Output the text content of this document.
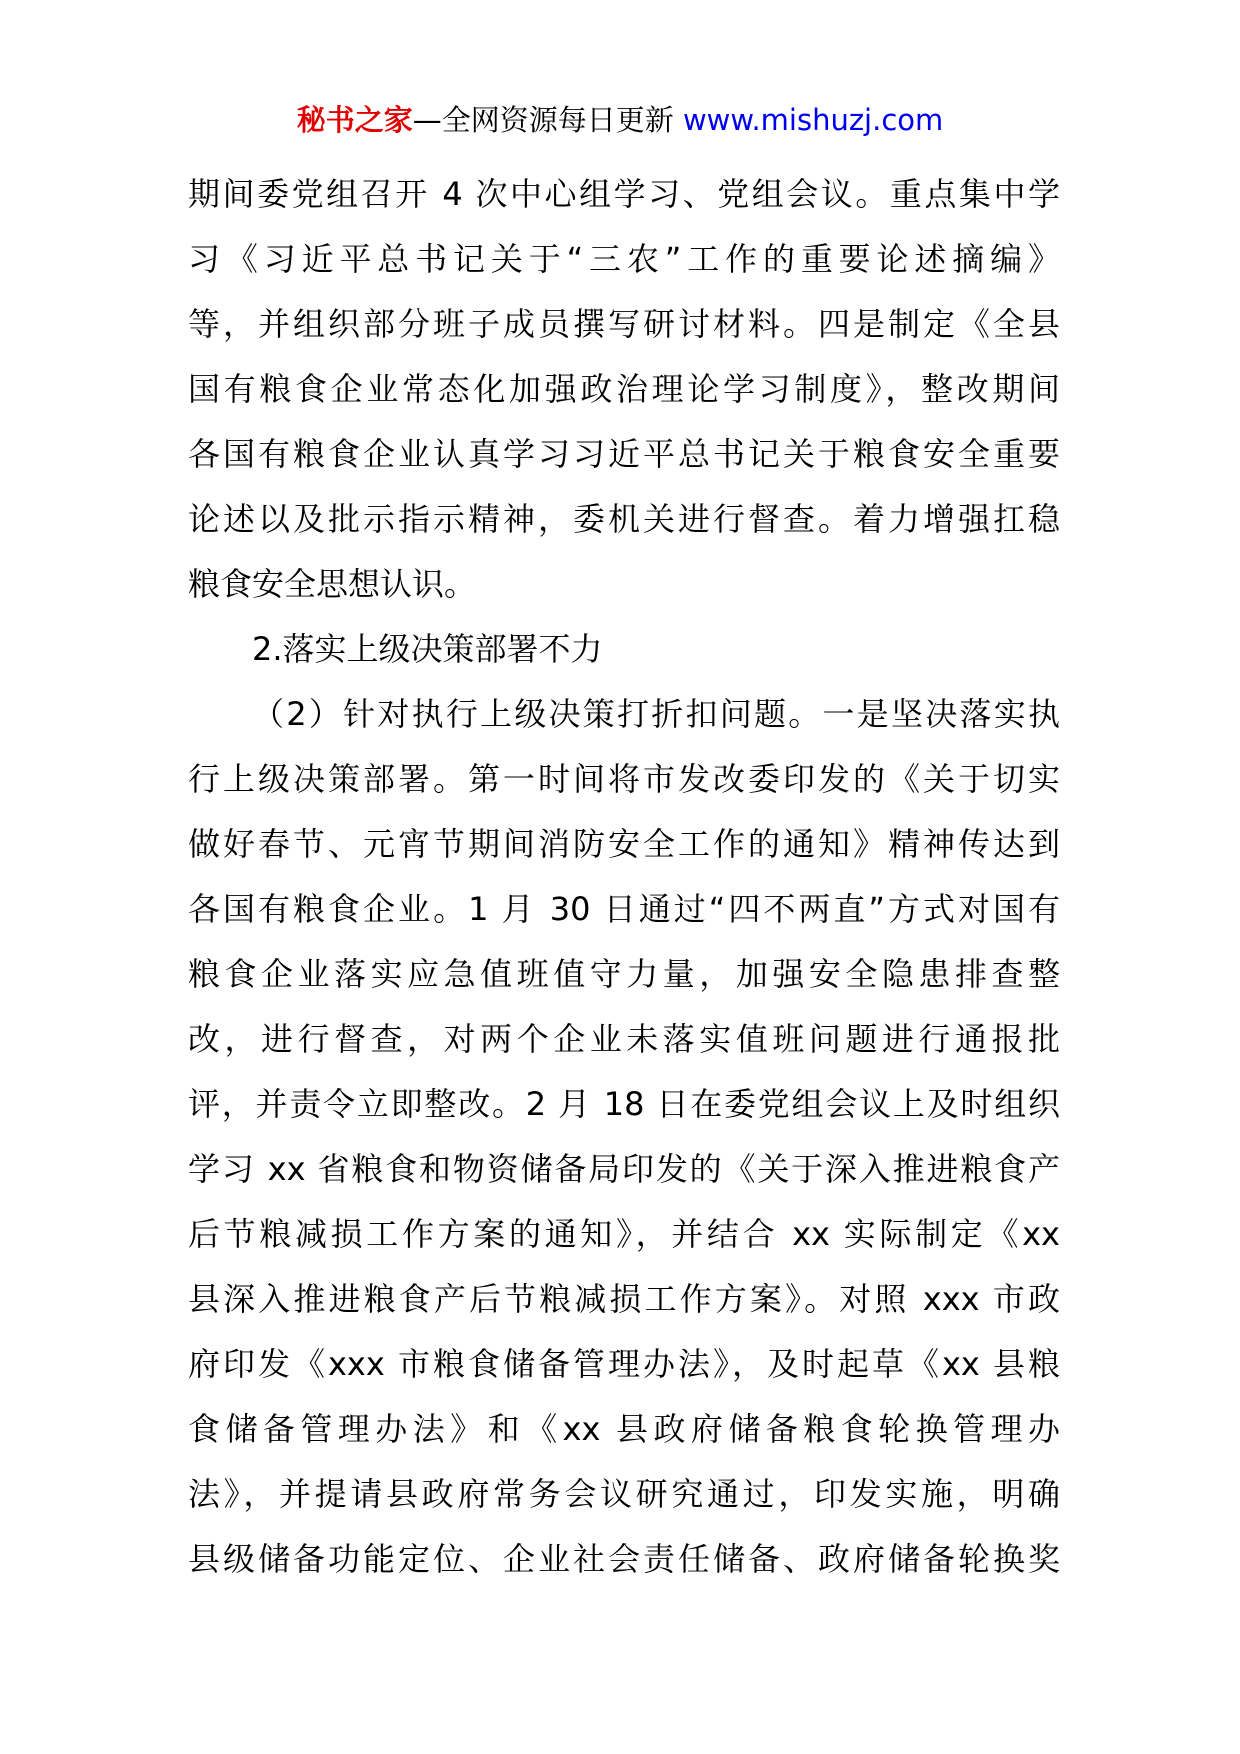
秘书之家—全网资源每日更新 www.mishuzj.com
期间委党组召开 4 次中心组学习、党组会议。重点集中学
习《习近平总书记关于“三农”工作的重要论述摘编》
等，并组织部分班子成员撰写研讨材料。四是制定《全县
国有粮食企业常态化加强政治理论学习制度》，整改期间
各国有粮食企业认真学习习近平总书记关于粮食安全重要
论述以及批示指示精神，委机关进行督查。着力增强扛稳
粮食安全思想认识。
2.落实上级决策部署不力
（2）针对执行上级决策打折扣问题。一是坚决落实执
行上级决策部署。第一时间将市发改委印发的《关于切实
做好春节、元宵节期间消防安全工作的通知》精神传达到
各国有粮食企业。1 月 30 日通过“四不两直”方式对国有
粮食企业落实应急值班值守力量，加强安全隐患排查整
改，进行督查，对两个企业未落实值班问题进行通报批
评，并责令立即整改。2 月 18 日在委党组会议上及时组织
学习 xx 省粮食和物资储备局印发的《关于深入推进粮食产
后节粮减损工作方案的通知》，并结合 xx 实际制定《xx
县深入推进粮食产后节粮减损工作方案》。对照 xxx 市政
府印发《xxx 市粮食储备管理办法》，及时起草《xx 县粮
食储备管理办法》和《xx 县政府储备粮食轮换管理办
法》，并提请县政府常务会议研究通过，印发实施，明确
县级储备功能定位、企业社会责任储备、政府储备轮换奖
